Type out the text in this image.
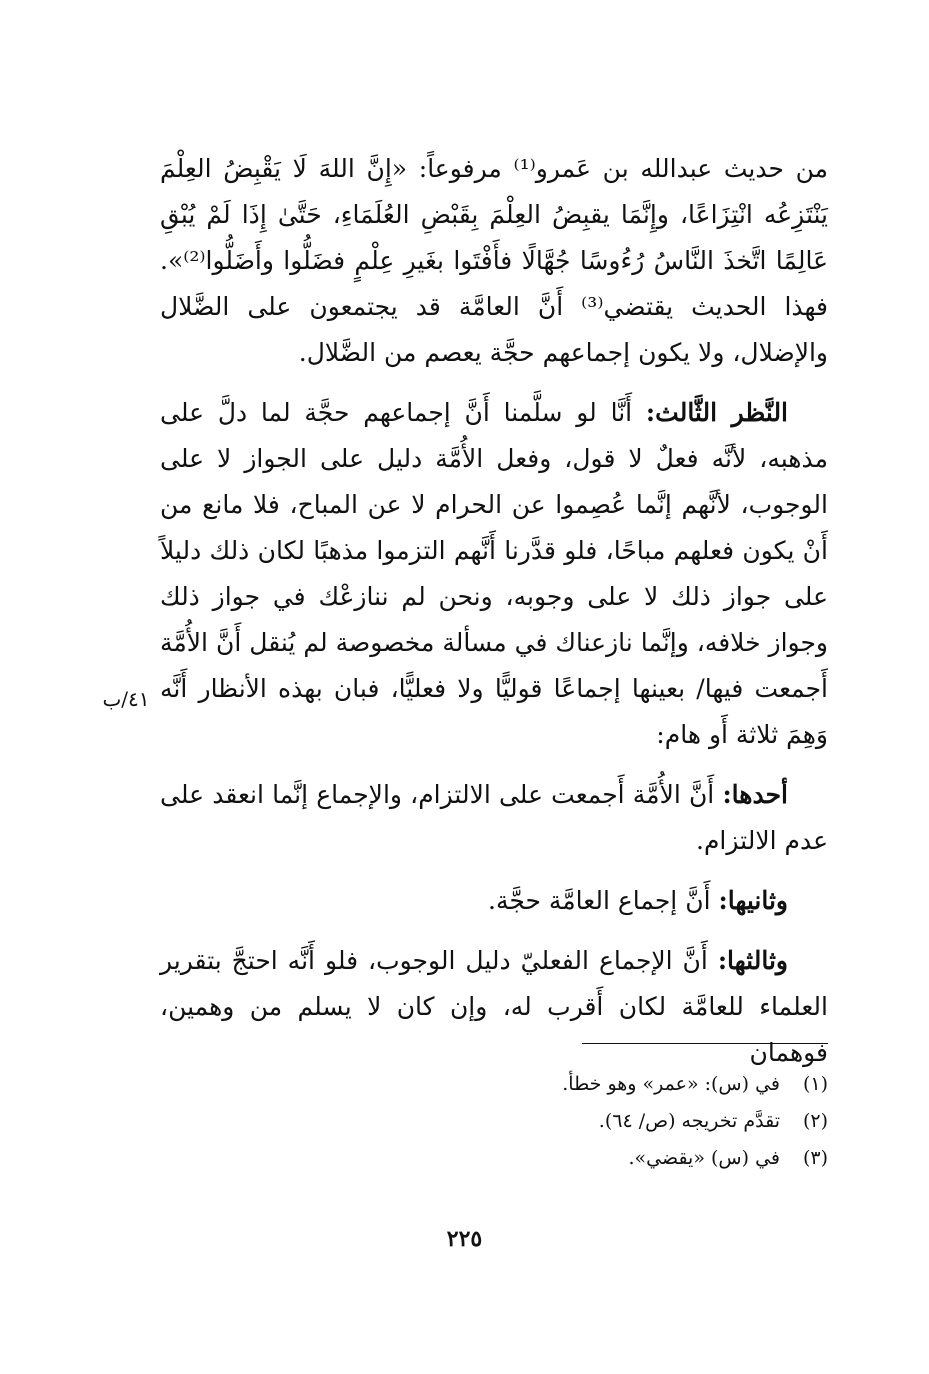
من حديث عبدالله بن عَمرو⁽¹⁾ مرفوعاً: «إِنَّ اللهَ لَا يَقْبِضُ العِلْمَ يَنْتَزِعُه انْتِزَاعًا، وإِنَّمَا يقبِضُ العِلْمَ بِقَبْضِ العُلَمَاءِ، حَتَّىٰ إِذَا لَمْ يُبْقِ عَالِمًا اتَّخذَ النَّاسُ رُءُوسًا جُهَّالًا فأَفْتَوا بغَيرِ عِلْمٍ فضَلُّوا وأَضَلُّوا⁽²⁾». فهذا الحديث يقتضي⁽³⁾ أَنَّ العامَّة قد يجتمعون على الضَّلال والإضلال، ولا يكون إجماعهم حجَّة يعصم من الضَّلال.

النَّظر الثَّالث: أَنَّا لو سلَّمنا أَنَّ إجماعهم حجَّة لما دلَّ على مذهبه، لأنَّه فعلٌ لا قول، وفعل الأُمَّة دليل على الجواز لا على الوجوب، لأنَّهم إنَّما عُصِموا عن الحرام لا عن المباح، فلا مانع من أَنْ يكون فعلهم مباحًا، فلو قدَّرنا أَنَّهم التزموا مذهبًا لكان ذلك دليلاً على جواز ذلك لا على وجوبه، ونحن لم ننازعْك في جواز ذلك وجواز خلافه، وإنَّما نازعناك في مسألة مخصوصة لم يُنقل أَنَّ الأُمَّة أَجمعت فيها/ بعينها إجماعًا قوليًّا ولا فعليًّا، فبان بهذه الأنظار أَنَّه وَهِمَ ثلاثة أَو هام:

أحدها: أَنَّ الأُمَّة أَجمعت على الالتزام، والإجماع إنَّما انعقد على عدم الالتزام.

وثانيها: أَنَّ إجماع العامَّة حجَّة.

وثالثها: أَنَّ الإجماع الفعليّ دليل الوجوب، فلو أَنَّه احتجَّ بتقرير العلماء للعامَّة لكان أَقرب له، وإن كان لا يسلم من وهمين، فوهمان

٤١/ب
(١)
في (س): «عمر» وهو خطأ.
(٢)
تقدَّم تخريجه (ص/ ٦٤).
(٣)
في (س) «يقضي».
٢٢٥
